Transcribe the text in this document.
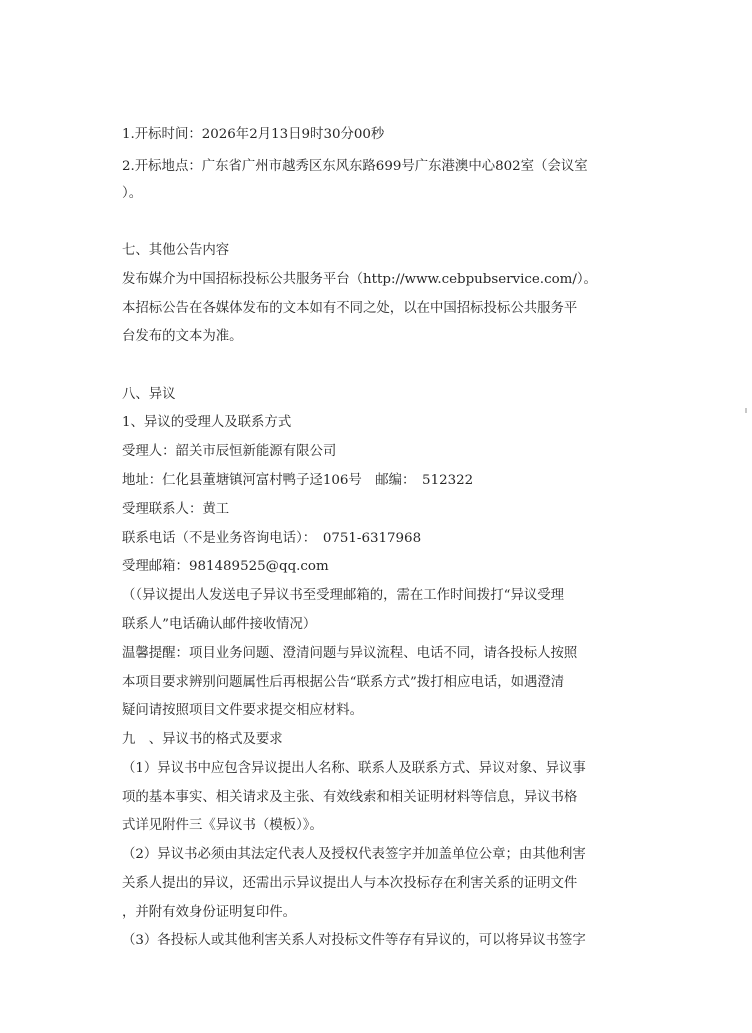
1.开标时间：2026年2月13日9时30分00秒
2.开标地点：广东省广州市越秀区东风东路699号广东港澳中心802室（会议室
）。
七、其他公告内容
发布媒介为中国招标投标公共服务平台（http://www.cebpubservice.com/）。
本招标公告在各媒体发布的文本如有不同之处，以在中国招标投标公共服务平
台发布的文本为准。
八、异议
1、异议的受理人及联系方式
受理人：韶关市辰恒新能源有限公司
地址：仁化县董塘镇河富村鸭子迳106号　邮编：　512322
受理联系人：黄工
联系电话（不是业务咨询电话）：　0751-6317968
受理邮箱：981489525@qq.com
（（异议提出人发送电子异议书至受理邮箱的，需在工作时间拨打“异议受理
联系人”电话确认邮件接收情况）
温馨提醒：项目业务问题、澄清问题与异议流程、电话不同，请各投标人按照
本项目要求辨别问题属性后再根据公告“联系方式”拨打相应电话，如遇澄清
疑问请按照项目文件要求提交相应材料。
九　、异议书的格式及要求
（1）异议书中应包含异议提出人名称、联系人及联系方式、异议对象、异议事
项的基本事实、相关请求及主张、有效线索和相关证明材料等信息，异议书格
式详见附件三《异议书（模板）》。
（2）异议书必须由其法定代表人及授权代表签字并加盖单位公章；由其他利害
关系人提出的异议，还需出示异议提出人与本次投标存在利害关系的证明文件
，并附有效身份证明复印件。
（3）各投标人或其他利害关系人对投标文件等存有异议的，可以将异议书签字
